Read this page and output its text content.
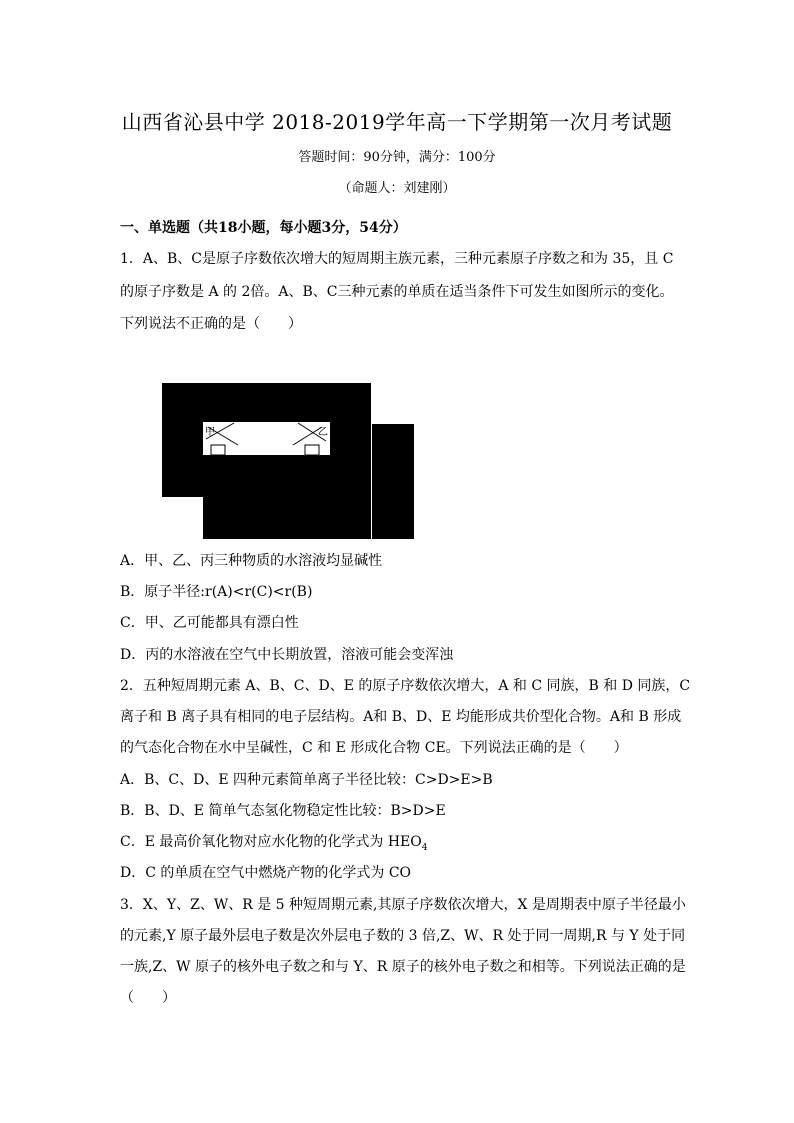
山西省沁县中学 2018-2019学年高一下学期第一次月考试题
答题时间：90分钟，满分：100分
（命题人：刘建刚）
一、单选题（共18小题，每小题3分，54分）
1．A、B、C是原子序数依次增大的短周期主族元素，三种元素原子序数之和为 35，且 C
的原子序数是 A 的 2倍。A、B、C三种元素的单质在适当条件下可发生如图所示的变化。
下列说法不正确的是（　　）
甲	乙
A．甲、乙、丙三种物质的水溶液均显碱性
B．原子半径:r(A)<r(C)<r(B)
C．甲、乙可能都具有漂白性
D．丙的水溶液在空气中长期放置，溶液可能会变浑浊
2．五种短周期元素 A、B、C、D、E 的原子序数依次增大，A 和 C 同族，B 和 D 同族，C
离子和 B 离子具有相同的电子层结构。A和 B、D、E 均能形成共价型化合物。A和 B 形成
的气态化合物在水中呈碱性，C 和 E 形成化合物 CE。下列说法正确的是（　　）
A．B、C、D、E 四种元素简单离子半径比较：C>D>E>B
B．B、D、E 简单气态氢化物稳定性比较：B>D>E
C．E 最高价氧化物对应水化物的化学式为 $HEO_4$
D．C 的单质在空气中燃烧产物的化学式为 CO
3．X、Y、Z、W、R 是 5 种短周期元素,其原子序数依次增大，X 是周期表中原子半径最小
的元素,Y 原子最外层电子数是次外层电子数的 3 倍,Z、W、R 处于同一周期,R 与 Y 处于同
一族,Z、W 原子的核外电子数之和与 Y、R 原子的核外电子数之和相等。下列说法正确的是
（　　）
